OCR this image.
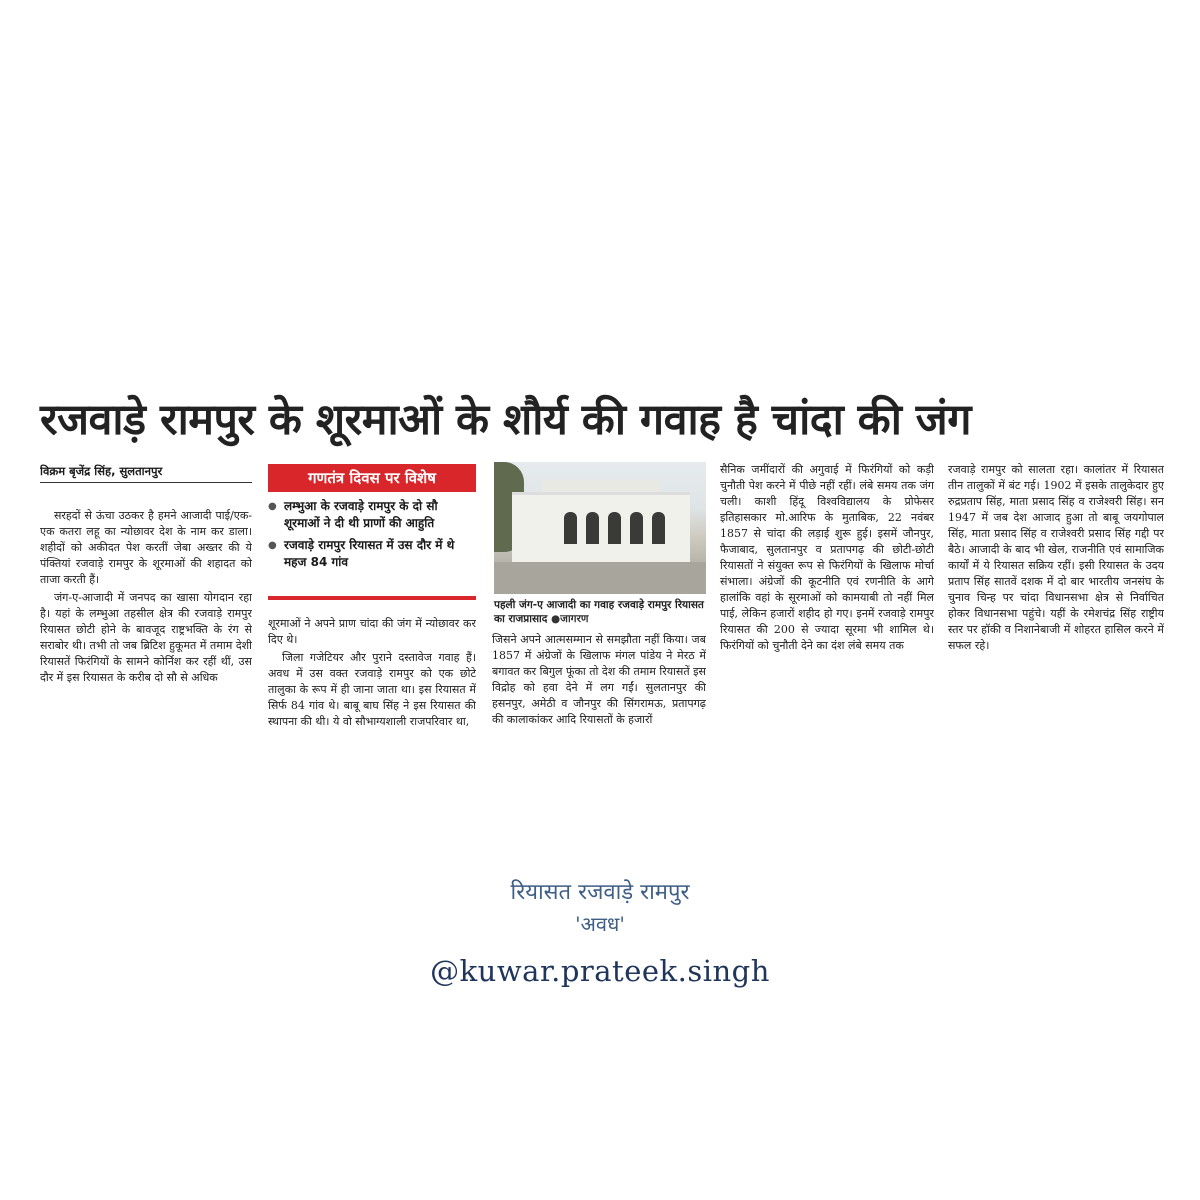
रजवाड़े रामपुर के शूरमाओं के शौर्य की गवाह है चांदा की जंग
विक्रम बृजेंद्र सिंह, सुलतानपुर

सरहदों से ऊंचा उठकर है हमने आजादी पाई/एक-एक कतरा लहू का न्योछावर देश के नाम कर डाला। शहीदों को अकीदत पेश करतीं जेबा अख्तर की ये पंक्तियां रजवाड़े रामपुर के शूरमाओं की शहादत को ताजा करती हैं।

जंग-ए-आजादी में जनपद का खासा योगदान रहा है। यहां के लम्भुआ तहसील क्षेत्र की रजवाड़े रामपुर रियासत छोटी होने के बावजूद राष्ट्रभक्ति के रंग से सराबोर थी। तभी तो जब ब्रिटिश हुकूमत में तमाम देशी रियासतें फिरंगियों के सामने कोर्निश कर रहीं थीं, उस दौर में इस रियासत के करीब दो सौ से अधिक

गणतंत्र दिवस पर विशेष
● लम्भुआ के रजवाड़े रामपुर के दो सौ शूरमाओं ने दी थी प्राणों की आहुति
● रजवाड़े रामपुर रियासत में उस दौर में थे महज 84 गांव

शूरमाओं ने अपने प्राण चांदा की जंग में न्योछावर कर दिए थे।

जिला गजेटियर और पुराने दस्तावेज गवाह हैं। अवध में उस वक्त रजवाड़े रामपुर को एक छोटे तालुका के रूप में ही जाना जाता था। इस रियासत में सिर्फ 84 गांव थे। बाबू बाघ सिंह ने इस रियासत की स्थापना की थी। ये वो सौभाग्यशाली राजपरिवार था,

पहली जंग-ए आजादी का गवाह रजवाड़े रामपुर रियासत का राजप्रासाद ●जागरण

जिसने अपने आत्मसम्मान से समझौता नहीं किया। जब 1857 में अंग्रेजों के खिलाफ मंगल पांडेय ने मेरठ में बगावत कर बिगुल फूंका तो देश की तमाम रियासतें इस विद्रोह को हवा देने में लग गईं। सुलतानपुर की हसनपुर, अमेठी व जौनपुर की सिंगरामऊ, प्रतापगढ़ की कालाकांकर आदि रियासतों के हजारों

सैनिक जमींदारों की अगुवाई में फिरंगियों को कड़ी चुनौती पेश करने में पीछे नहीं रहीं। लंबे समय तक जंग चली। काशी हिंदू विश्वविद्यालय के प्रोफेसर इतिहासकार मो.आरिफ के मुताबिक, 22 नवंबर 1857 से चांदा की लड़ाई शुरू हुई। इसमें जौनपुर, फैजाबाद, सुलतानपुर व प्रतापगढ़ की छोटी-छोटी रियासतों ने संयुक्त रूप से फिरंगियों के खिलाफ मोर्चा संभाला। अंग्रेजों की कूटनीति एवं रणनीति के आगे हालांकि वहां के सूरमाओं को कामयाबी तो नहीं मिल पाई, लेकिन हजारों शहीद हो गए। इनमें रजवाड़े रामपुर रियासत की 200 से ज्यादा सूरमा भी शामिल थे। फिरंगियों को चुनौती देने का दंश लंबे समय तक

रजवाड़े रामपुर को सालता रहा। कालांतर में रियासत तीन तालुकों में बंट गई। 1902 में इसके तालुकेदार हुए रुद्रप्रताप सिंह, माता प्रसाद सिंह व राजेश्वरी सिंह। सन 1947 में जब देश आजाद हुआ तो बाबू जयगोपाल सिंह, माता प्रसाद सिंह व राजेश्वरी प्रसाद सिंह गद्दी पर बैठे। आजादी के बाद भी खेल, राजनीति एवं सामाजिक कार्यों में ये रियासत सक्रिय रहीं। इसी रियासत के उदय प्रताप सिंह सातवें दशक में दो बार भारतीय जनसंघ के चुनाव चिन्ह पर चांदा विधानसभा क्षेत्र से निर्वाचित होकर विधानसभा पहुंचे। यहीं के रमेशचंद्र सिंह राष्ट्रीय स्तर पर हॉकी व निशानेबाजी में शोहरत हासिल करने में सफल रहे।

रियासत रजवाड़े रामपुर
'अवध'
@kuwar.prateek.singh
